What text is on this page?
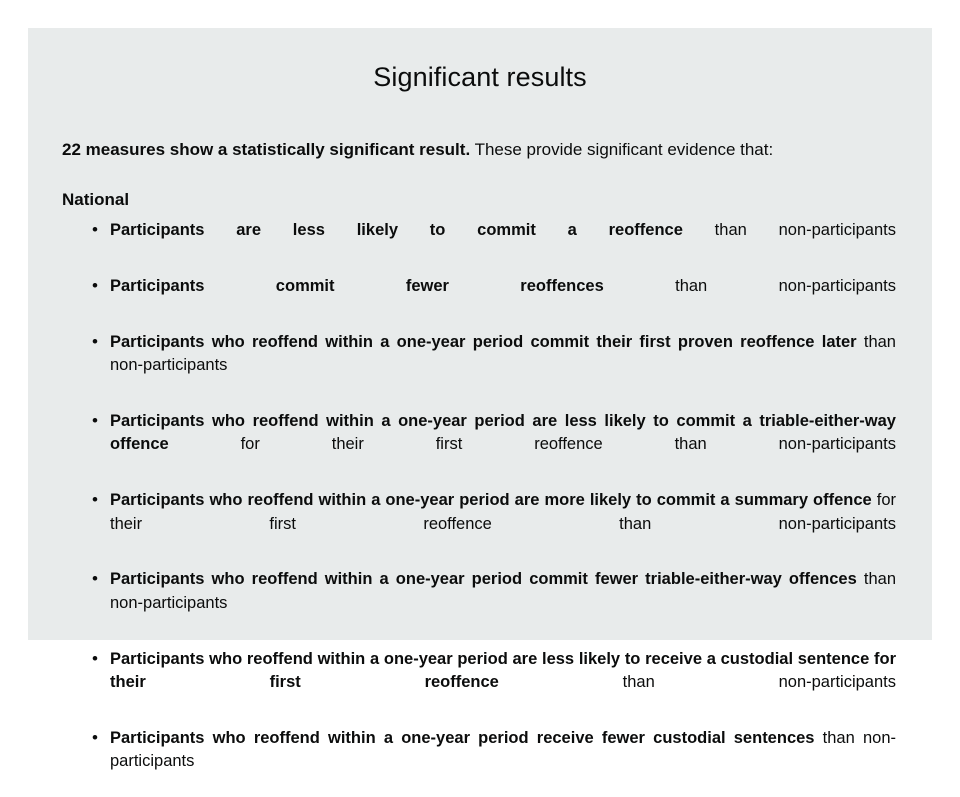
Significant results

22 measures show a statistically significant result. These provide significant evidence that:

National
• Participants are less likely to commit a reoffence than non-participants
• Participants commit fewer reoffences than non-participants
• Participants who reoffend within a one-year period commit their first proven reoffence later than non-participants
• Participants who reoffend within a one-year period are less likely to commit a triable-either-way offence for their first reoffence than non-participants
• Participants who reoffend within a one-year period are more likely to commit a summary offence for their first reoffence than non-participants
• Participants who reoffend within a one-year period commit fewer triable-either-way offences than non-participants
• Participants who reoffend within a one-year period are less likely to receive a custodial sentence for their first reoffence than non-participants
• Participants who reoffend within a one-year period receive fewer custodial sentences than non-participants
